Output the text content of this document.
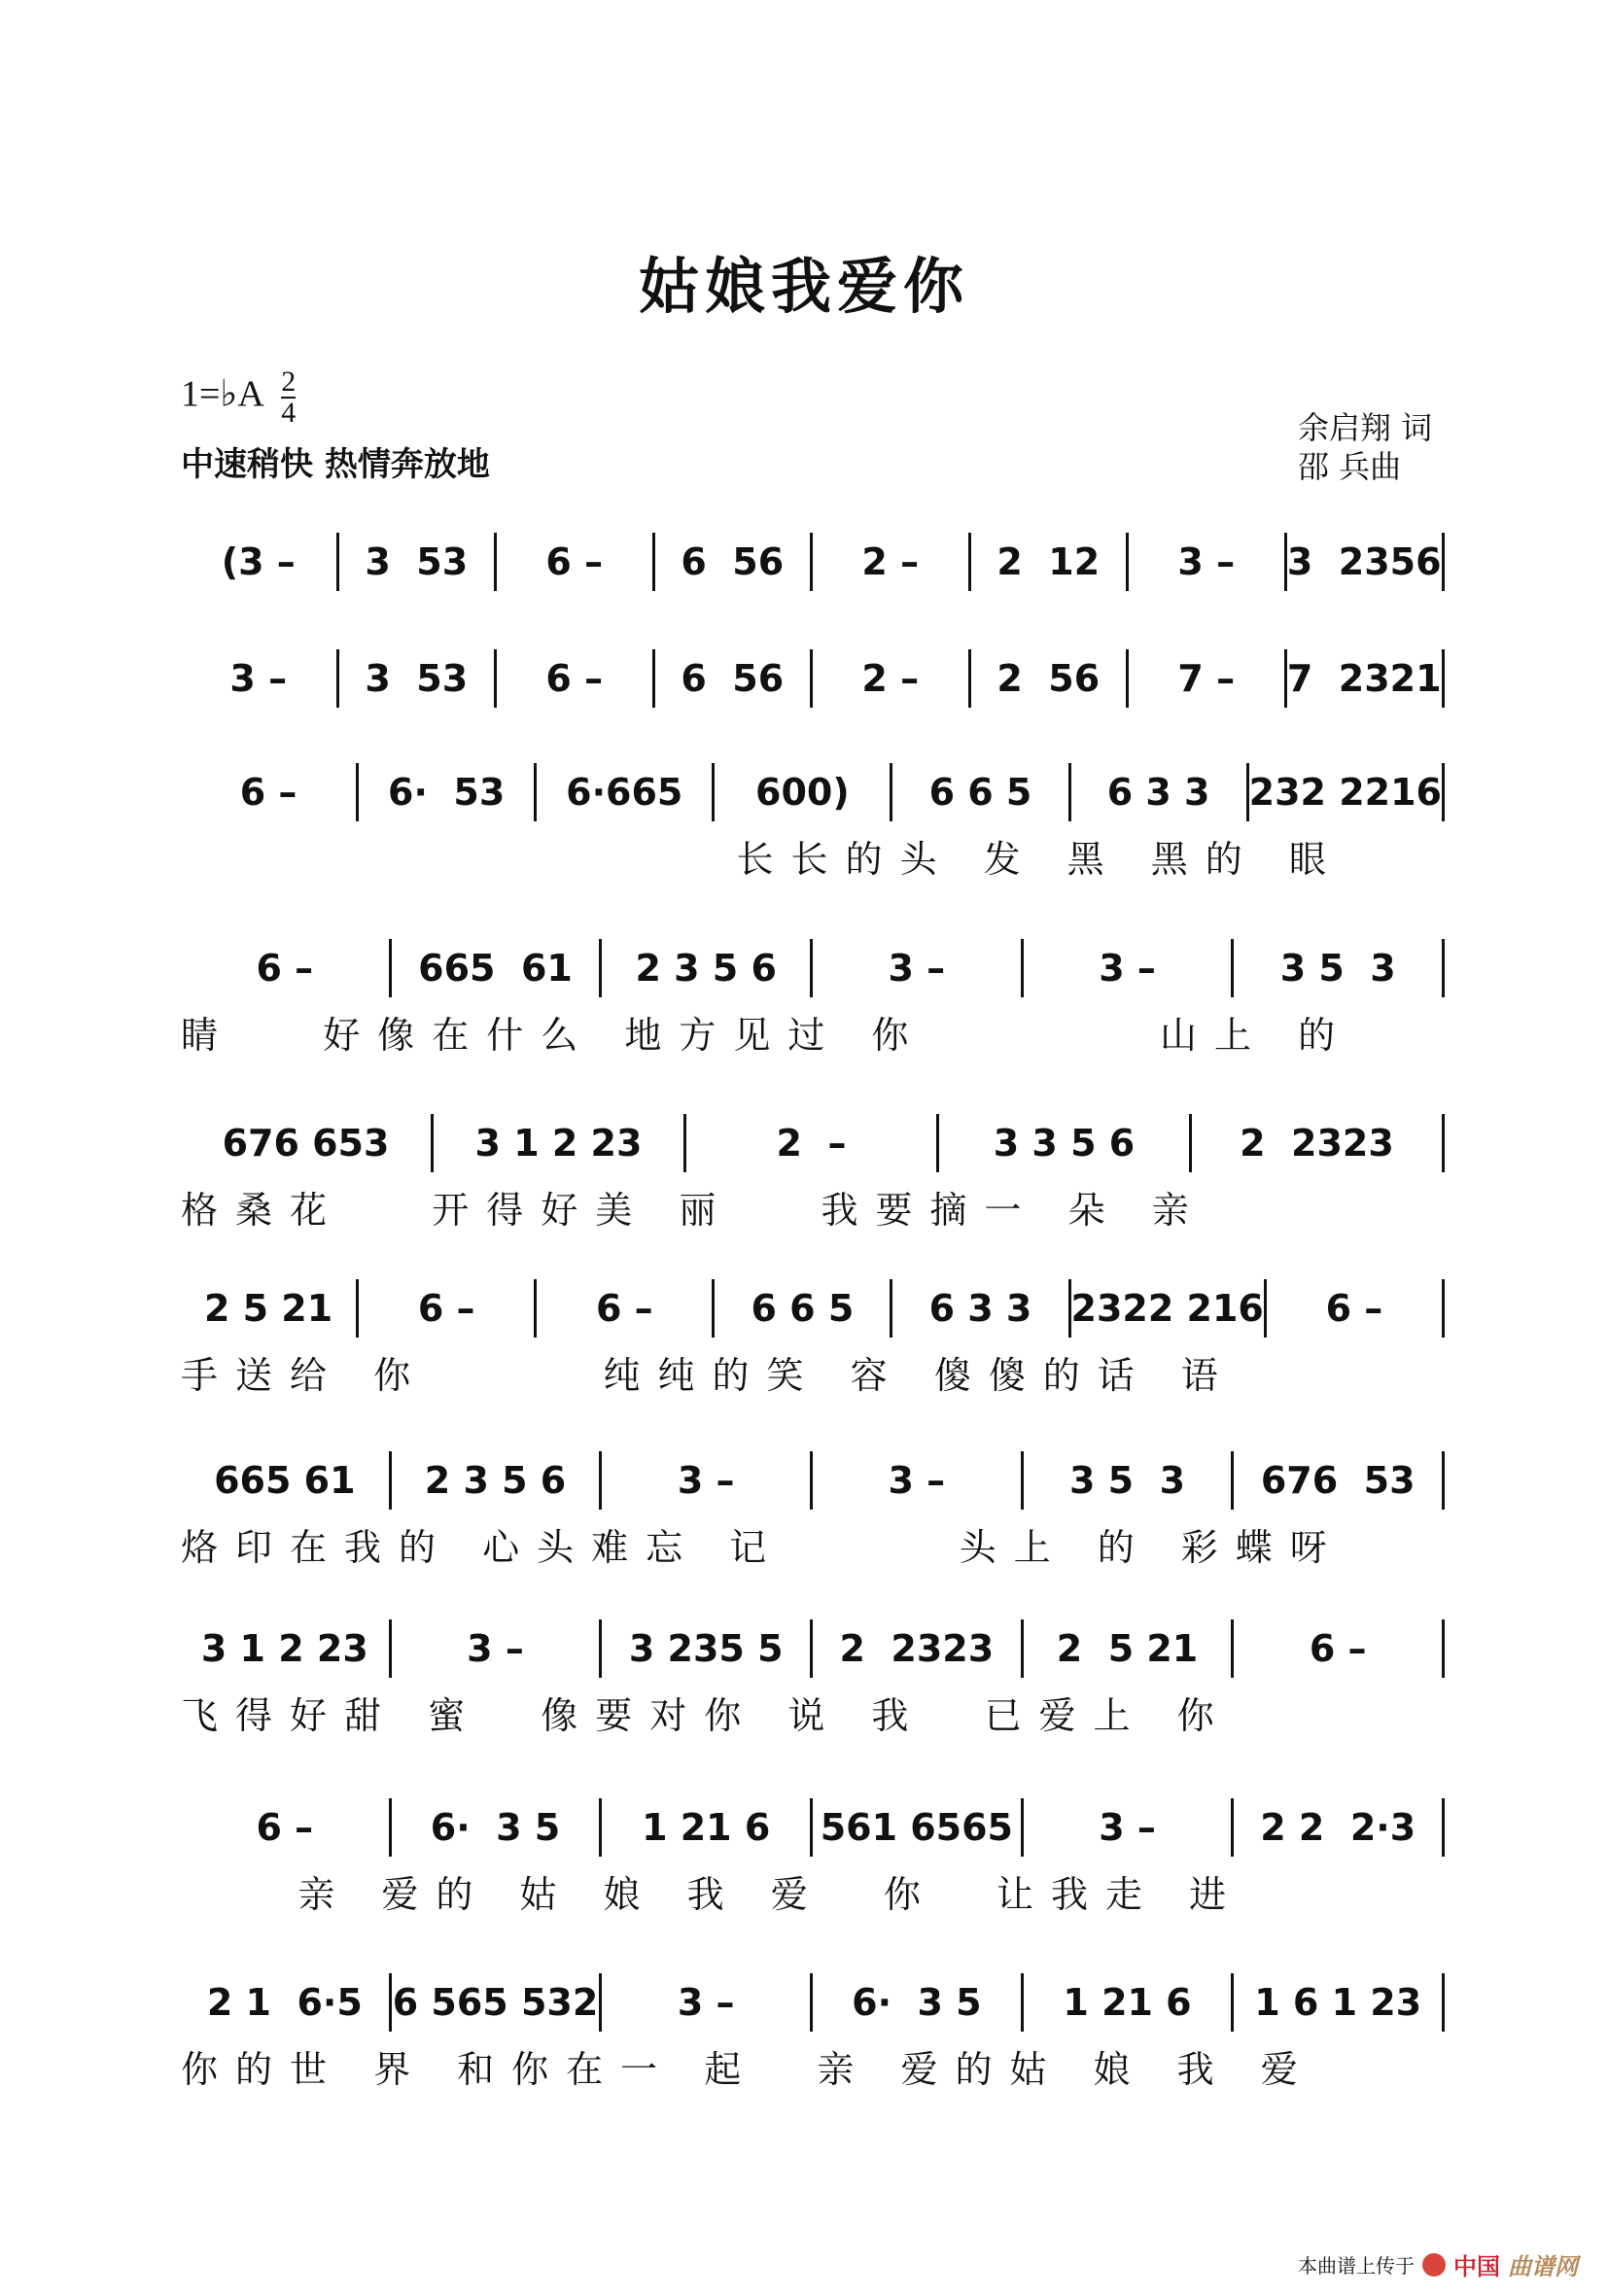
姑娘我爱你
1=♭A $\frac{2}{4}$
中速稍快 热情奔放地
余启翔 词
邵 兵曲
(3 –	3  53	6 –	6  56	2 –	2  12	3 –	3  2356
3 –	3  53	6 –	6  56	2 –	2  56	7 –	7  2321
6 –	6·  53	6·665	600)	6 6 5	6 3 3	232 2216
长长的头 发 黑 黑的 眼
6 –	665  61	2 3 5 6	3 –	3 –	3 5  3
睛   好像在什么 地方见过 你        山上 的
676 653	3 1 2 23	2  –	3 3 5 6	2  2323
格桑花   开得好美 丽   我要摘一 朵 亲
2 5 21	6 –	6 –	6 6 5	6 3 3	2322 216	6 –
手送给 你      纯纯的笑 容 傻傻的话 语
665 61	2 3 5 6	3 –	3 –	3 5  3	676  53
烙印在我的 心头难忘 记      头上 的 彩蝶呀
3 1 2 23	3 –	3 235 5	2  2323	2  5 21	6 –
飞得好甜 蜜  像要对你 说 我  已爱上 你
6 –	6·  3 5	1 21 6	561 6565	3 –	2 2  2·3
亲 爱的 姑 娘 我 爱  你  让我走 进
2 1  6·5 6 565 532	3 –	6·  3 5	1 21 6	1 6 1 23
你的世 界 和你在一 起  亲 爱的姑 娘 我 爱
本曲谱上传于 中国 曲谱网
